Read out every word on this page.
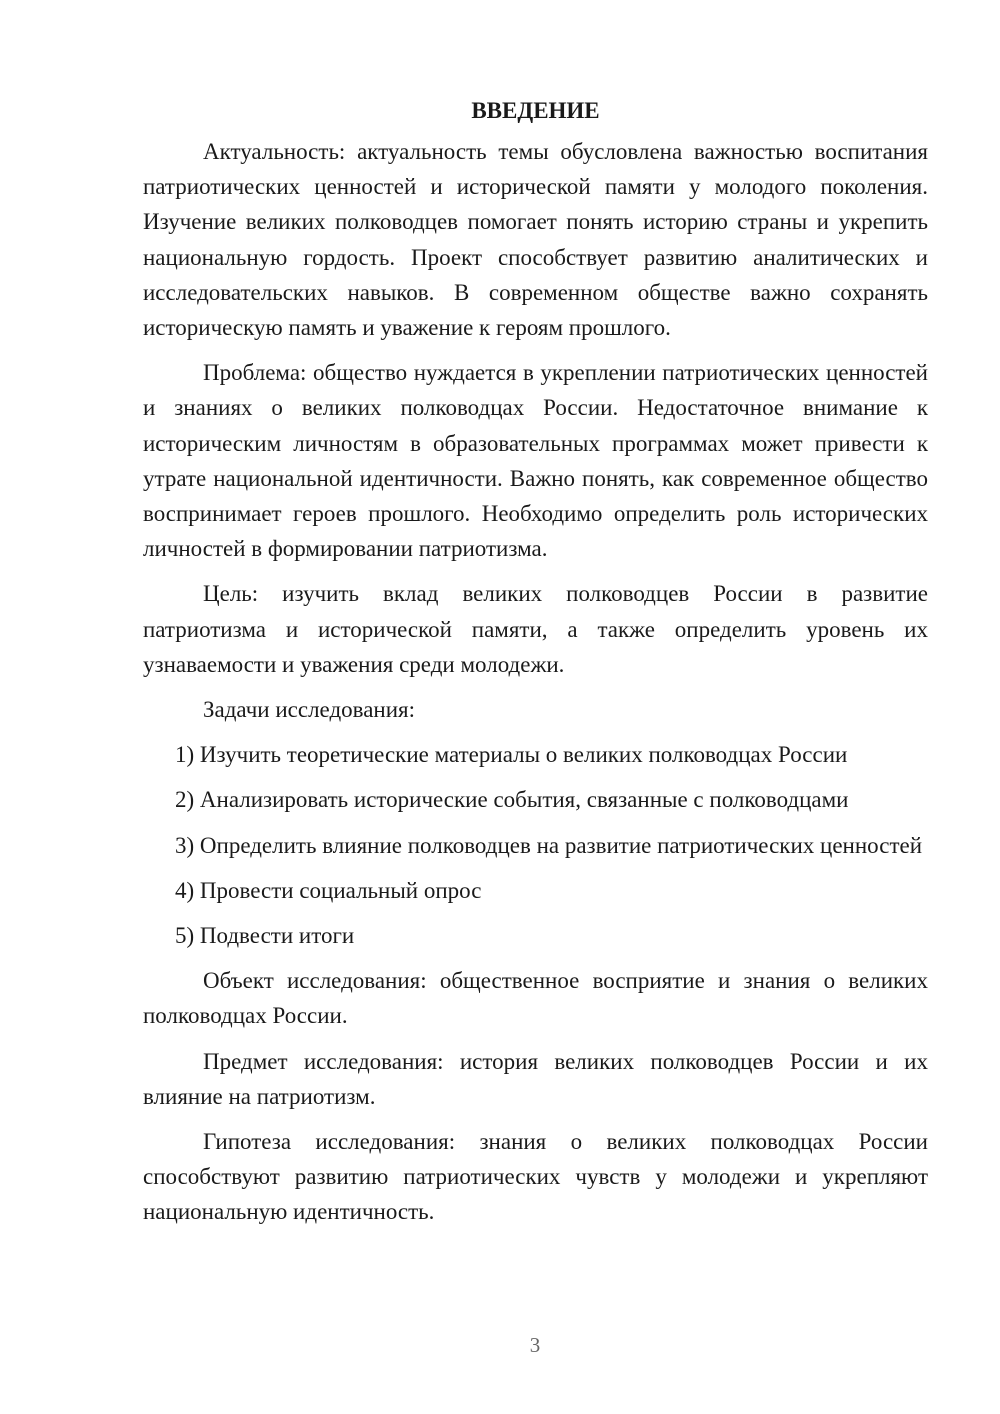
ВВЕДЕНИЕ

Актуальность: актуальность темы обусловлена важностью воспитания патриотических ценностей и исторической памяти у молодого поколения. Изучение великих полководцев помогает понять историю страны и укрепить национальную гордость. Проект способствует развитию аналитических и исследовательских навыков. В современном обществе важно сохранять историческую память и уважение к героям прошлого.

Проблема: общество нуждается в укреплении патриотических ценностей и знаниях о великих полководцах России. Недостаточное внимание к историческим личностям в образовательных программах может привести к утрате национальной идентичности. Важно понять, как современное общество воспринимает героев прошлого. Необходимо определить роль исторических личностей в формировании патриотизма.

Цель: изучить вклад великих полководцев России в развитие патриотизма и исторической памяти, а также определить уровень их узнаваемости и уважения среди молодежи.

Задачи исследования:

1) Изучить теоретические материалы о великих полководцах России

2) Анализировать исторические события, связанные с полководцами

3) Определить влияние полководцев на развитие патриотических ценностей

4) Провести социальный опрос

5) Подвести итоги

Объект исследования: общественное восприятие и знания о великих полководцах России.

Предмет исследования: история великих полководцев России и их влияние на патриотизм.

Гипотеза исследования: знания о великих полководцах России способствуют развитию патриотических чувств у молодежи и укрепляют национальную идентичность.

3
